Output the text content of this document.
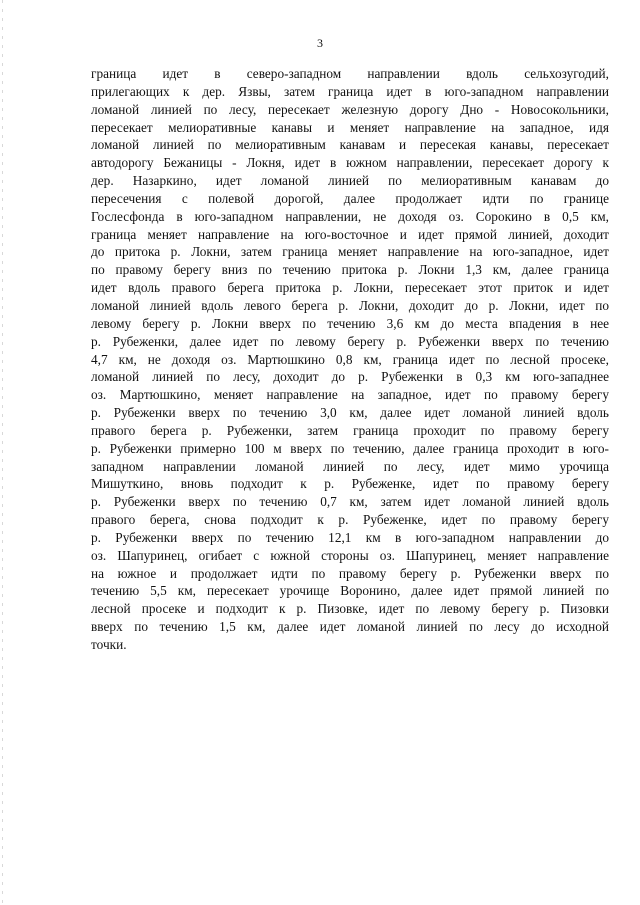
3
граница идет в северо-западном направлении вдоль сельхозугодий,
прилегающих к дер. Язвы, затем граница идет в юго-западном направлении
ломаной линией по лесу, пересекает железную дорогу Дно - Новосокольники,
пересекает мелиоративные канавы и меняет направление на западное, идя
ломаной линией по мелиоративным канавам и пересекая канавы, пересекает
автодорогу Бежаницы - Локня, идет в южном направлении, пересекает дорогу к
дер. Назаркино, идет ломаной линией по мелиоративным канавам до
пересечения с полевой дорогой, далее продолжает идти по границе
Гослесфонда в юго-западном направлении, не доходя оз. Сорокино в 0,5 км,
граница меняет направление на юго-восточное и идет прямой линией, доходит
до притока р. Локни, затем граница меняет направление на юго-западное, идет
по правому берегу вниз по течению притока р. Локни 1,3 км, далее граница
идет вдоль правого берега притока р. Локни, пересекает этот приток и идет
ломаной линией вдоль левого берега р. Локни, доходит до р. Локни, идет по
левому берегу р. Локни вверх по течению 3,6 км до места впадения в нее
р. Рубеженки, далее идет по левому берегу р. Рубеженки вверх по течению
4,7 км, не доходя оз. Мартюшкино 0,8 км, граница идет по лесной просеке,
ломаной линией по лесу, доходит до р. Рубеженки в 0,3 км юго-западнее
оз. Мартюшкино, меняет направление на западное, идет по правому берегу
р. Рубеженки вверх по течению 3,0 км, далее идет ломаной линией вдоль
правого берега р. Рубеженки, затем граница проходит по правому берегу
р. Рубеженки примерно 100 м вверх по течению, далее граница проходит в юго-
западном направлении ломаной линией по лесу, идет мимо урочища
Мишуткино, вновь подходит к р. Рубеженке, идет по правому берегу
р. Рубеженки вверх по течению 0,7 км, затем идет ломаной линией вдоль
правого берега, снова подходит к р. Рубеженке, идет по правому берегу
р. Рубеженки вверх по течению 12,1 км в юго-западном направлении до
оз. Шапуринец, огибает с южной стороны оз. Шапуринец, меняет направление
на южное и продолжает идти по правому берегу р. Рубеженки вверх по
течению 5,5 км, пересекает урочище Воронино, далее идет прямой линией по
лесной просеке и подходит к р. Пизовке, идет по левому берегу р. Пизовки
вверх по течению 1,5 км, далее идет ломаной линией по лесу до исходной
точки.
